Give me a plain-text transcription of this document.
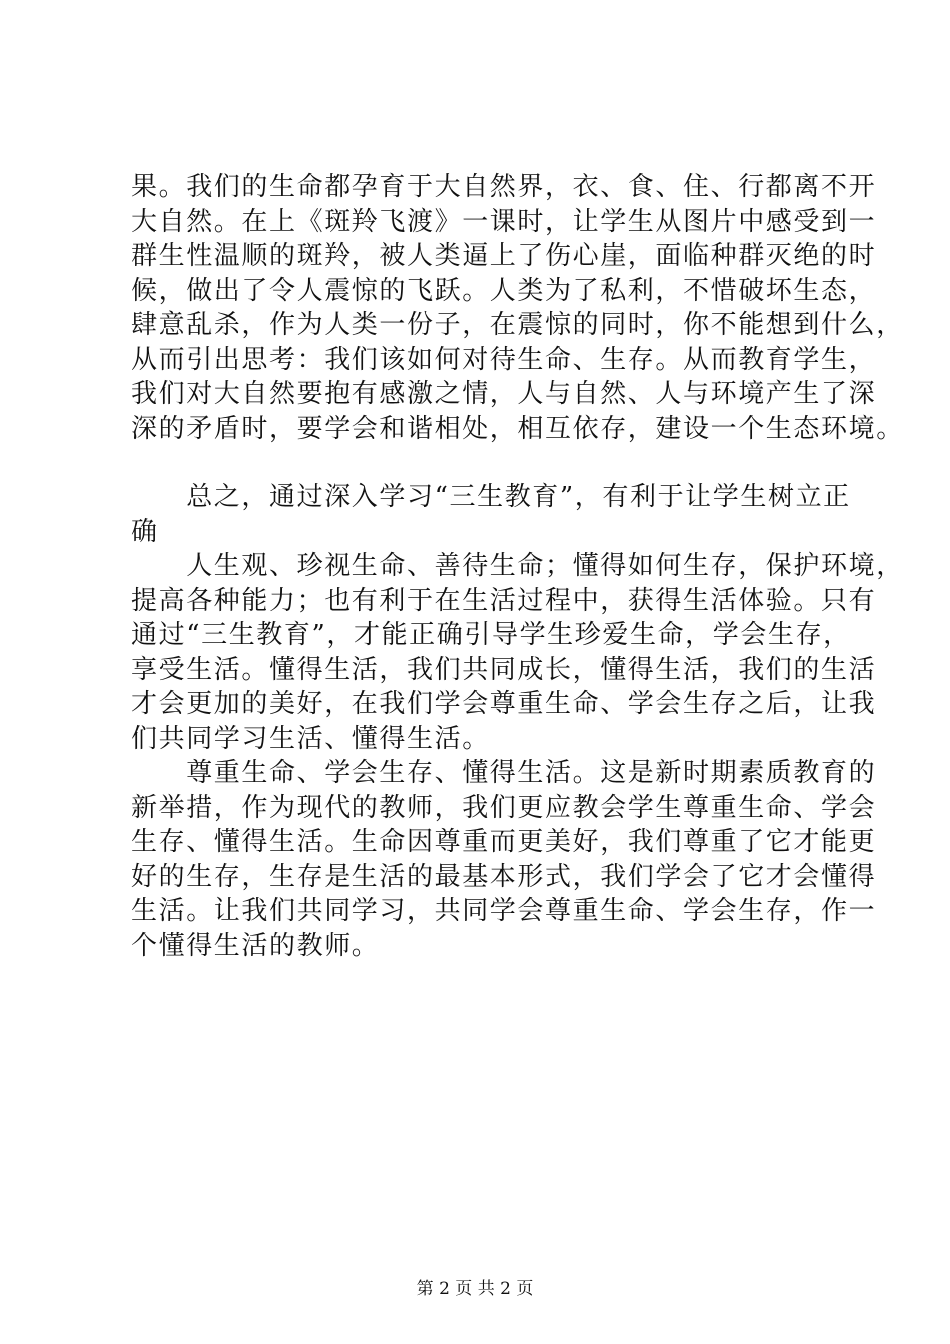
果。我们的生命都孕育于大自然界，衣、食、住、行都离不开

大自然。在上《斑羚飞渡》一课时，让学生从图片中感受到一

群生性温顺的斑羚，被人类逼上了伤心崖，面临种群灭绝的时

候，做出了令人震惊的飞跃。人类为了私利，不惜破坏生态，

肆意乱杀，作为人类一份子，在震惊的同时，你不能想到什么，

从而引出思考：我们该如何对待生命、生存。从而教育学生，

我们对大自然要抱有感激之情，人与自然、人与环境产生了深

深的矛盾时，要学会和谐相处，相互依存，建设一个生态环境。

　　总之，通过深入学习“三生教育”，有利于让学生树立正

确

　　人生观、珍视生命、善待生命；懂得如何生存，保护环境，

提高各种能力；也有利于在生活过程中，获得生活体验。只有

通过“三生教育”，才能正确引导学生珍爱生命，学会生存，

享受生活。懂得生活，我们共同成长，懂得生活，我们的生活

才会更加的美好，在我们学会尊重生命、学会生存之后，让我

们共同学习生活、懂得生活。

　　尊重生命、学会生存、懂得生活。这是新时期素质教育的

新举措，作为现代的教师，我们更应教会学生尊重生命、学会

生存、懂得生活。生命因尊重而更美好，我们尊重了它才能更

好的生存，生存是生活的最基本形式，我们学会了它才会懂得

生活。让我们共同学习，共同学会尊重生命、学会生存，作一

个懂得生活的教师。

第 2 页 共 2 页
